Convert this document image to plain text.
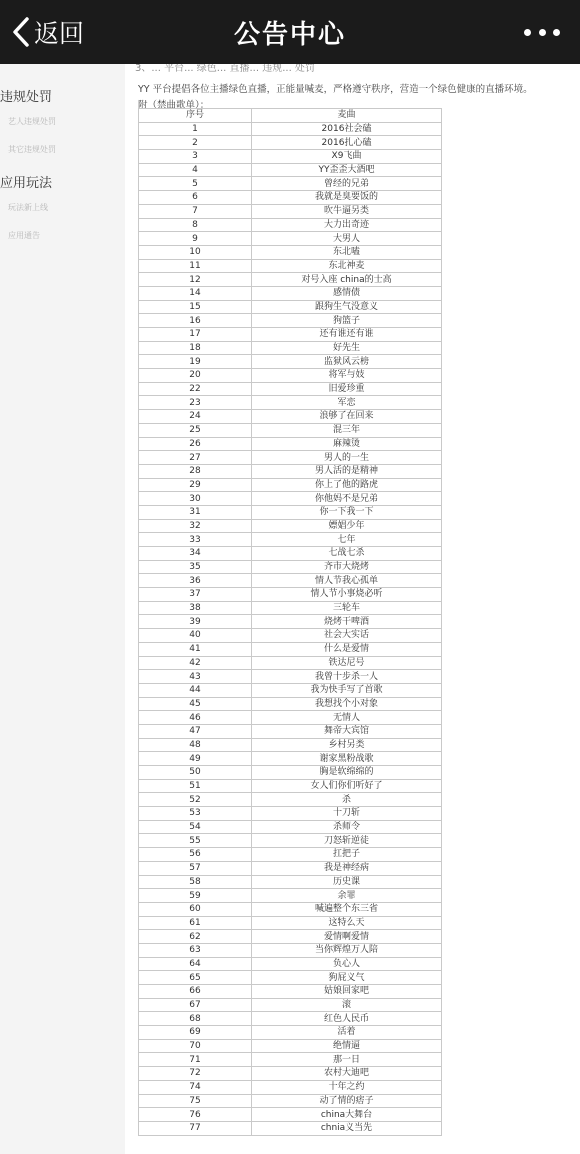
返回	公告中心
违规处罚
艺人违规处罚
其它违规处罚
应用玩法
玩法新上线
应用通告
3、... 平台... 绿色... 直播... 违规... 处罚
YY 平台提倡各位主播绿色直播，正能量喊麦，严格遵守秩序，营造一个绿色健康的直播环境。
附（禁曲歌单）：
序号	麦曲
1	2016社会磕
2	2016扎心磕
3	X9飞曲
4	YY歪歪大酒吧
5	曾经的兄弟
6	我就是臭要饭的
7	吹牛逼另类
8	大力出奇迹
9	大男人
10	东北嗑
11	东北神麦
12	对号入座 china的士高
14	感情债
15	跟狗生气没意义
16	狗篮子
17	还有谁还有谁
18	好先生
19	监狱风云榜
20	将军与妓
22	旧爱珍重
23	军恋
24	浪够了在回来
25	混三年
26	麻辣烫
27	男人的一生
28	男人活的是精神
29	你上了他的路虎
30	你他妈不是兄弟
31	你一下我一下
32	嫖娼少年
33	七年
34	七战七杀
35	齐市大烧烤
36	情人节我心孤单
37	情人节小事烧必听
38	三轮车
39	烧烤干啤酒
40	社会大实话
41	什么是爱情
42	铁达尼号
43	我曾十步杀一人
44	我为快手写了首歌
45	我想找个小对象
46	无情人
47	舞帝大宾馆
48	乡村另类
49	谢家黑粉战歌
50	胸是软绵绵的
51	女人们你们听好了
52	杀
53	十刀斩
54	杀师令
55	刀怒斩逆徒
56	扛把子
57	我是神经病
58	历史课
59	余罪
60	喊遍整个东三省
61	这特么天
62	爱情啊爱情
63	当你辉煌万人陪
64	负心人
65	狗屁义气
66	姑娘回家吧
67	滚
68	红色人民币
69	活着
70	绝情逼
71	那一日
72	农村大迪吧
74	十年之约
75	动了情的痞子
76	china大舞台
77	chnia义当先
